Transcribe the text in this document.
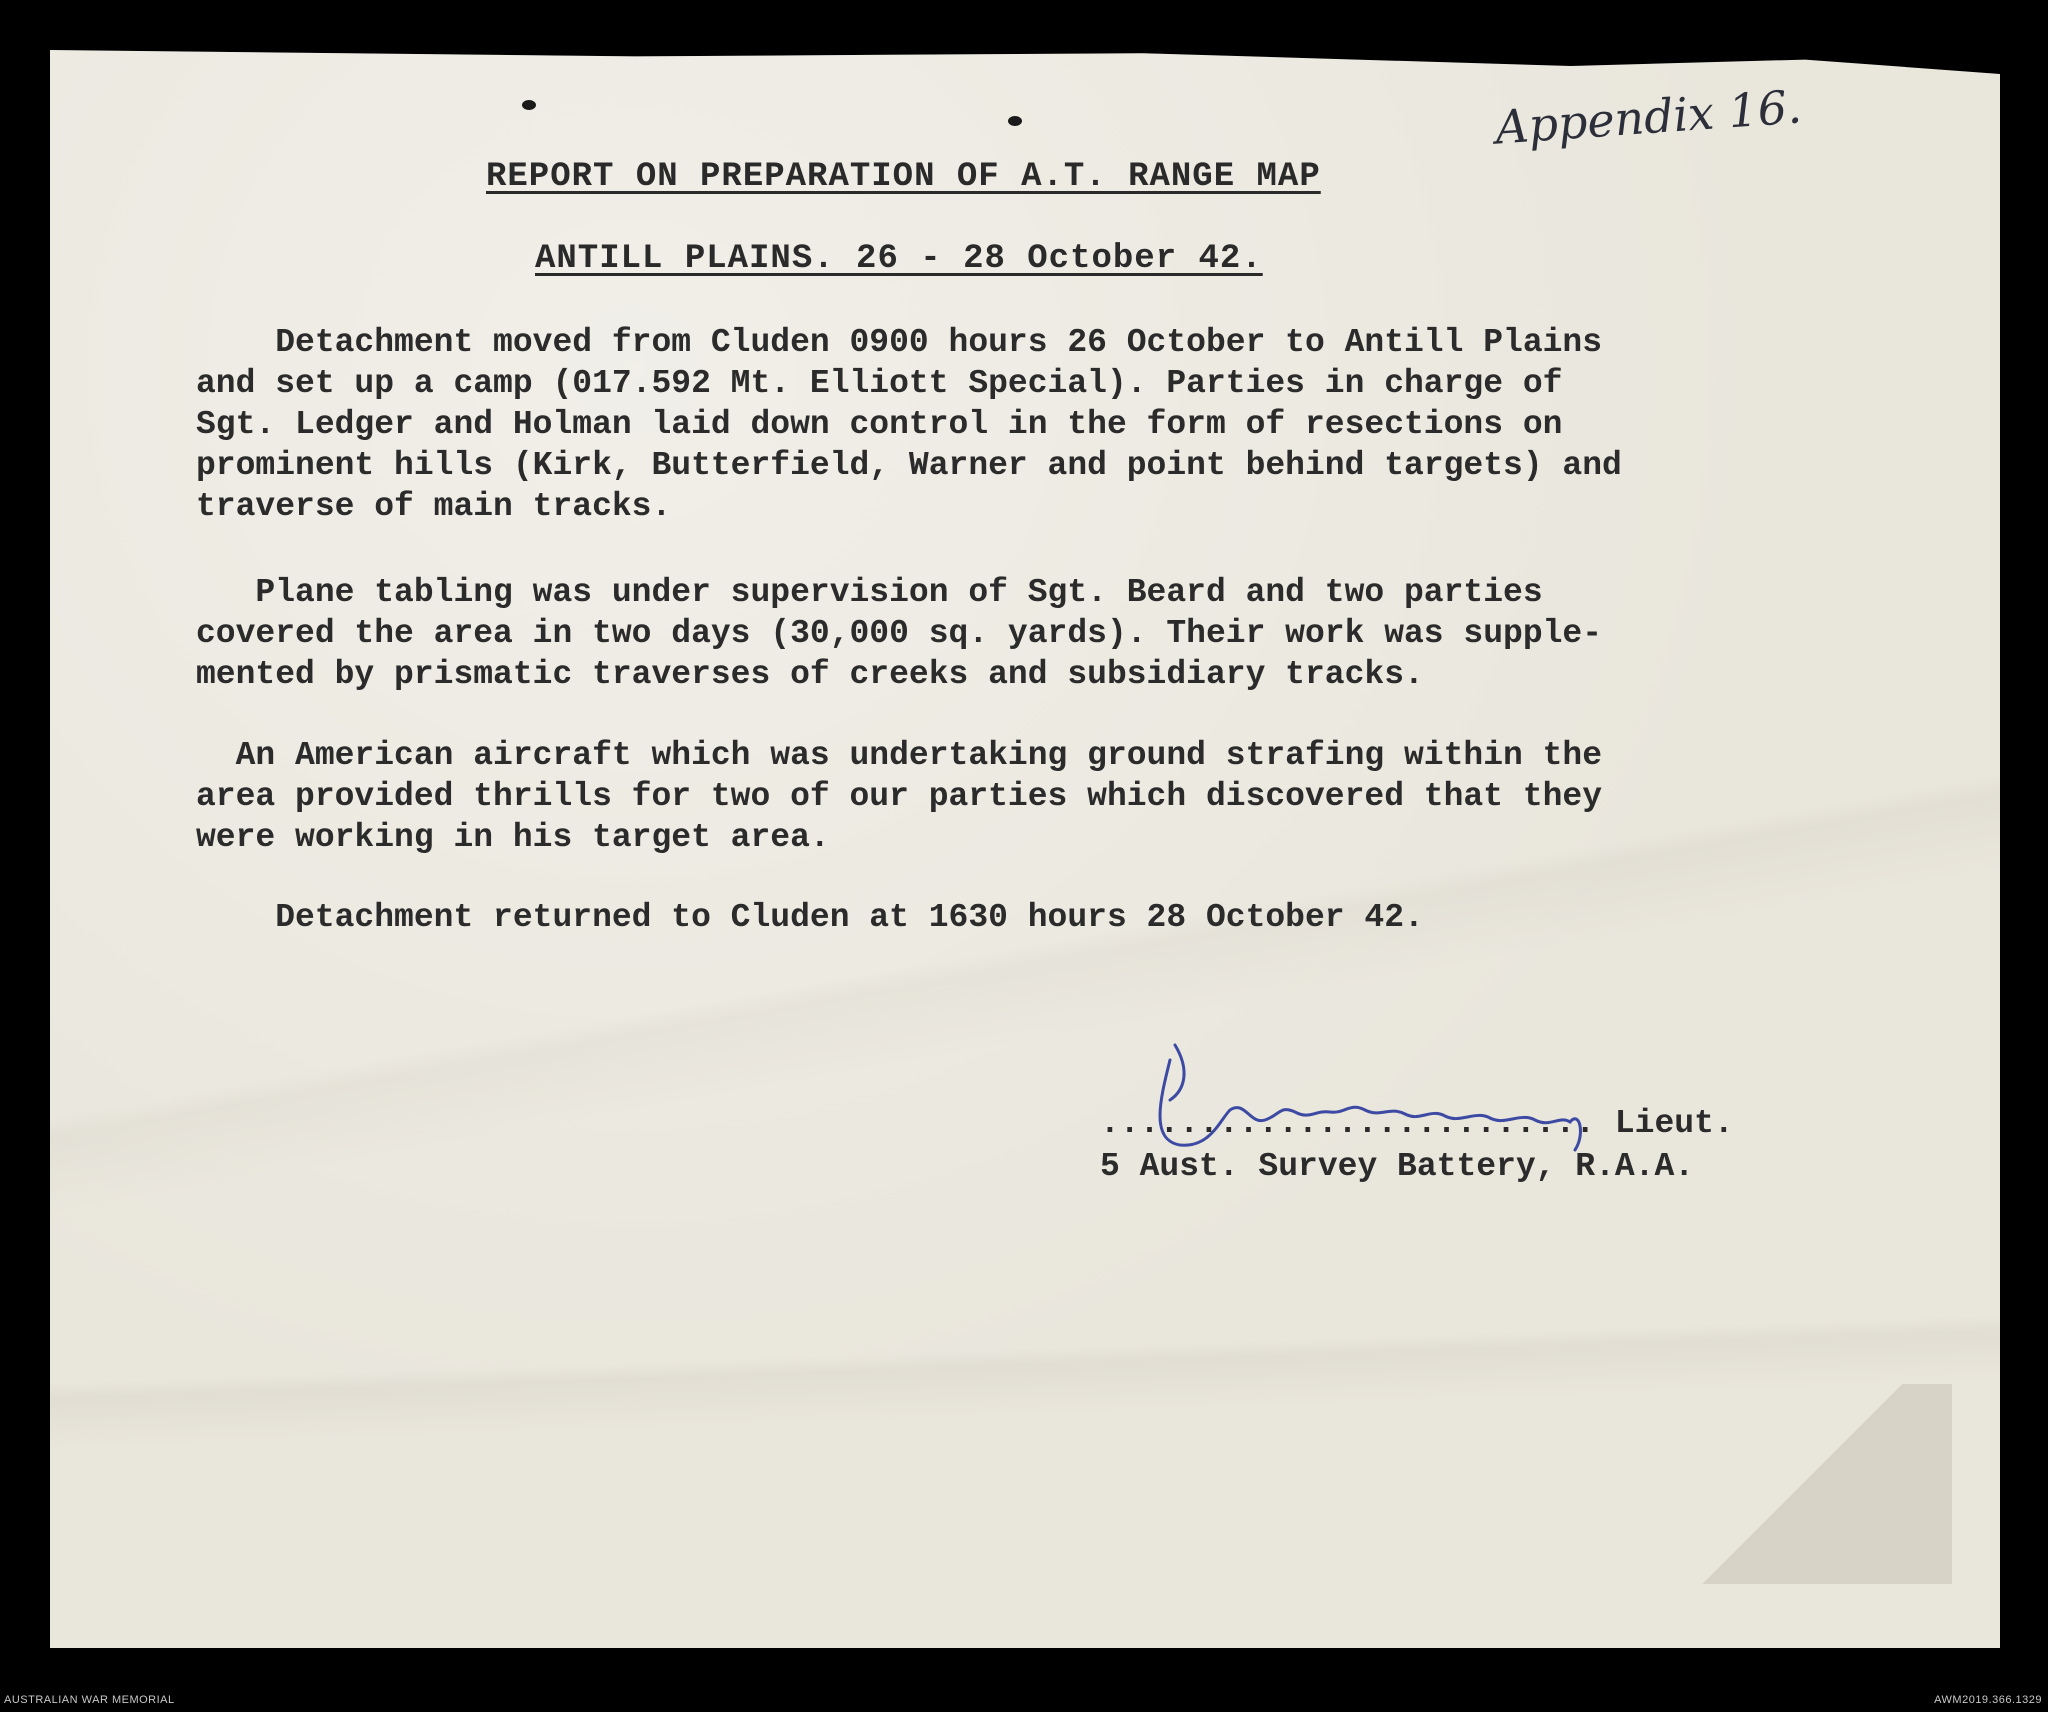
Appendix 16.

REPORT ON PREPARATION OF A.T. RANGE MAP

ANTILL PLAINS. 26 - 28 October 42.

Detachment moved from Cluden 0900 hours 26 October to Antill Plains
and set up a camp (017.592 Mt. Elliott Special). Parties in charge of
Sgt. Ledger and Holman laid down control in the form of resections on
prominent hills (Kirk, Butterfield, Warner and point behind targets) and
traverse of main tracks.

Plane tabling was under supervision of Sgt. Beard and two parties
covered the area in two days (30,000 sq. yards). Their work was supple-
mented by prismatic traverses of creeks and subsidiary tracks.

An American aircraft which was undertaking ground strafing within the
area provided thrills for two of our parties which discovered that they
were working in his target area.

Detachment returned to Cluden at 1630 hours 28 October 42.

......................... Lieut.
5 Aust. Survey Battery, R.A.A.

AUSTRALIAN WAR MEMORIAL	AWM2019.366.1329
